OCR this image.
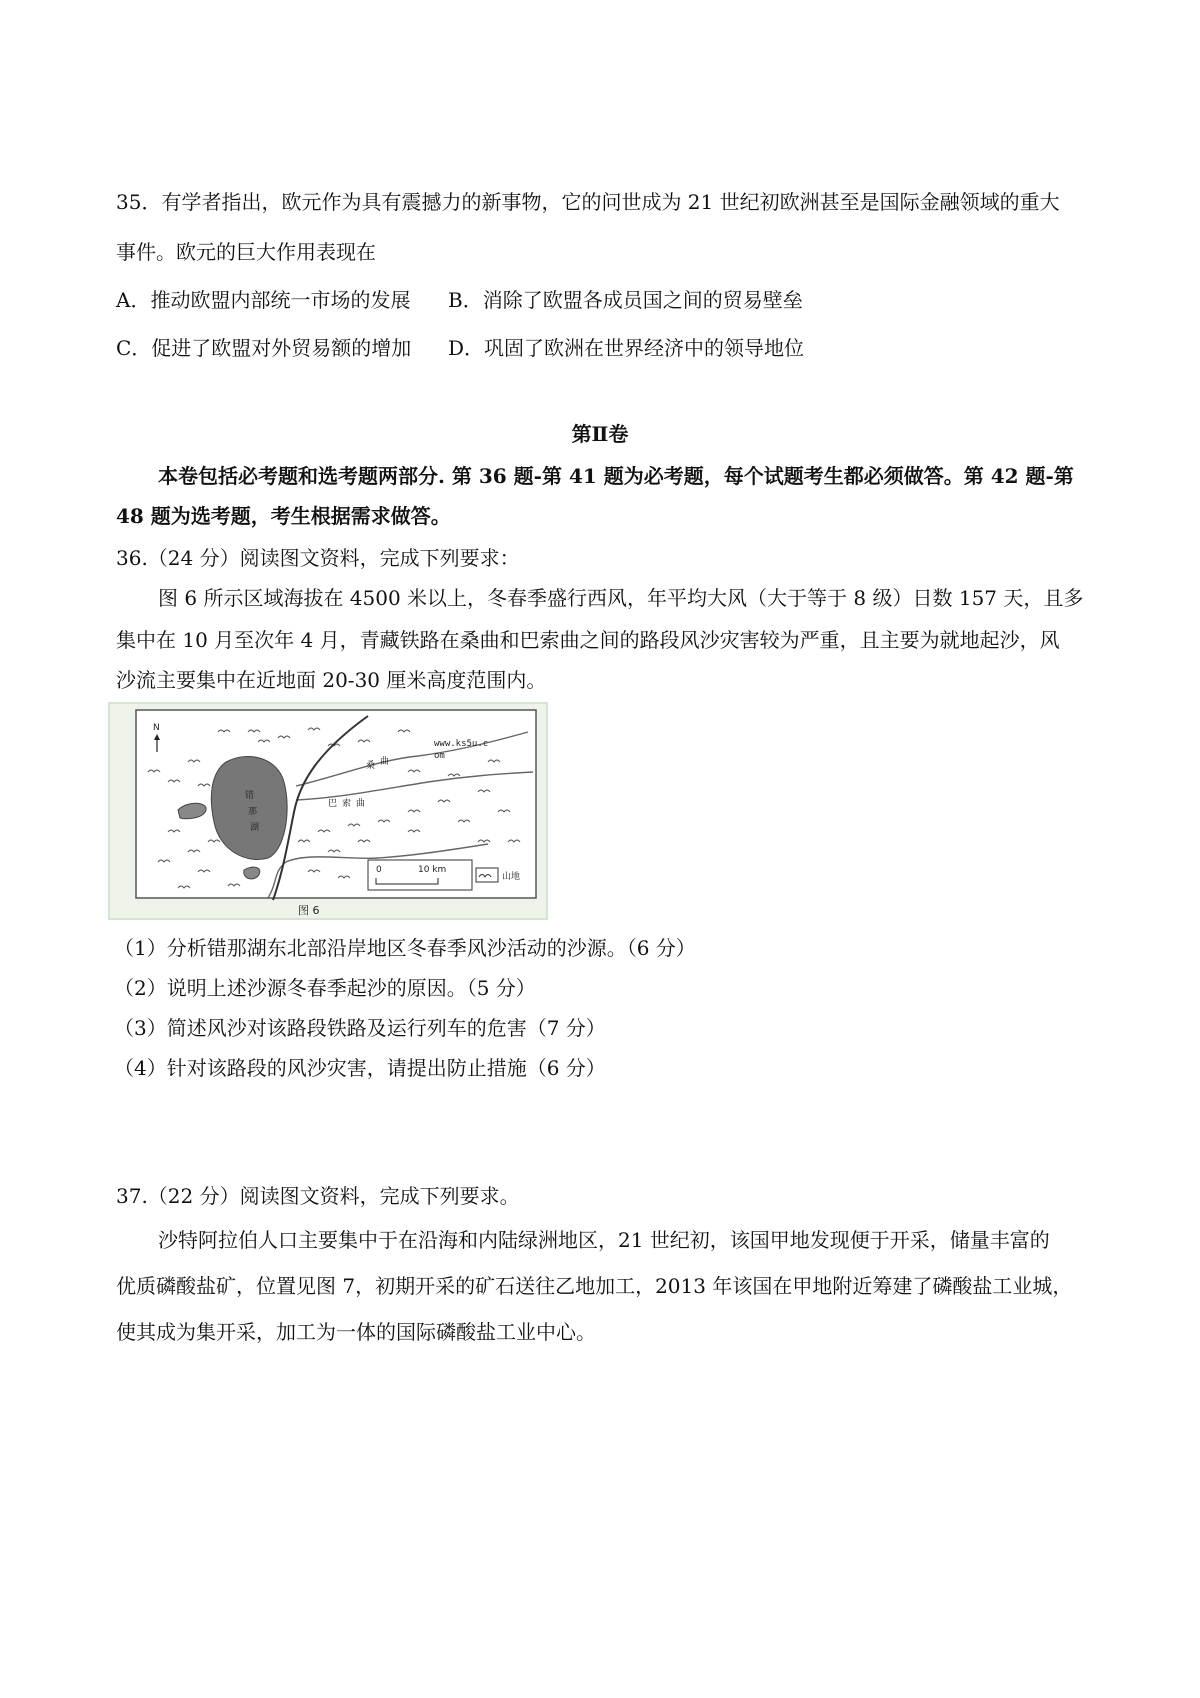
35．有学者指出，欧元作为具有震撼力的新事物，它的问世成为 21 世纪初欧洲甚至是国际金融领域的重大
事件。欧元的巨大作用表现在
A．推动欧盟内部统一市场的发展 B．消除了欧盟各成员国之间的贸易壁垒
C．促进了欧盟对外贸易额的增加 D．巩固了欧洲在世界经济中的领导地位
第Ⅱ卷
本卷包括必考题和选考题两部分. 第 36 题-第 41 题为必考题，每个试题考生都必须做答。第 42 题-第
48 题为选考题，考生根据需求做答。
36.（24 分）阅读图文资料，完成下列要求：
图 6 所示区域海拔在 4500 米以上，冬春季盛行西风，年平均大风（大于等于 8 级）日数 157 天，且多
集中在 10 月至次年 4 月，青藏铁路在桑曲和巴索曲之间的路段风沙灾害较为严重，且主要为就地起沙，风
沙流主要集中在近地面 20-30 厘米高度范围内。
错
那
湖
桑 曲
巴 索 曲
N
www.ks5u.c
om
0	10 km
山地
图 6
（1）分析错那湖东北部沿岸地区冬春季风沙活动的沙源。（6 分）
（2）说明上述沙源冬春季起沙的原因。（5 分）
（3）简述风沙对该路段铁路及运行列车的危害（7 分）
（4）针对该路段的风沙灾害，请提出防止措施（6 分）
37.（22 分）阅读图文资料，完成下列要求。
沙特阿拉伯人口主要集中于在沿海和内陆绿洲地区，21 世纪初，该国甲地发现便于开采，储量丰富的
优质磷酸盐矿，位置见图 7，初期开采的矿石送往乙地加工，2013 年该国在甲地附近筹建了磷酸盐工业城，
使其成为集开采，加工为一体的国际磷酸盐工业中心。
